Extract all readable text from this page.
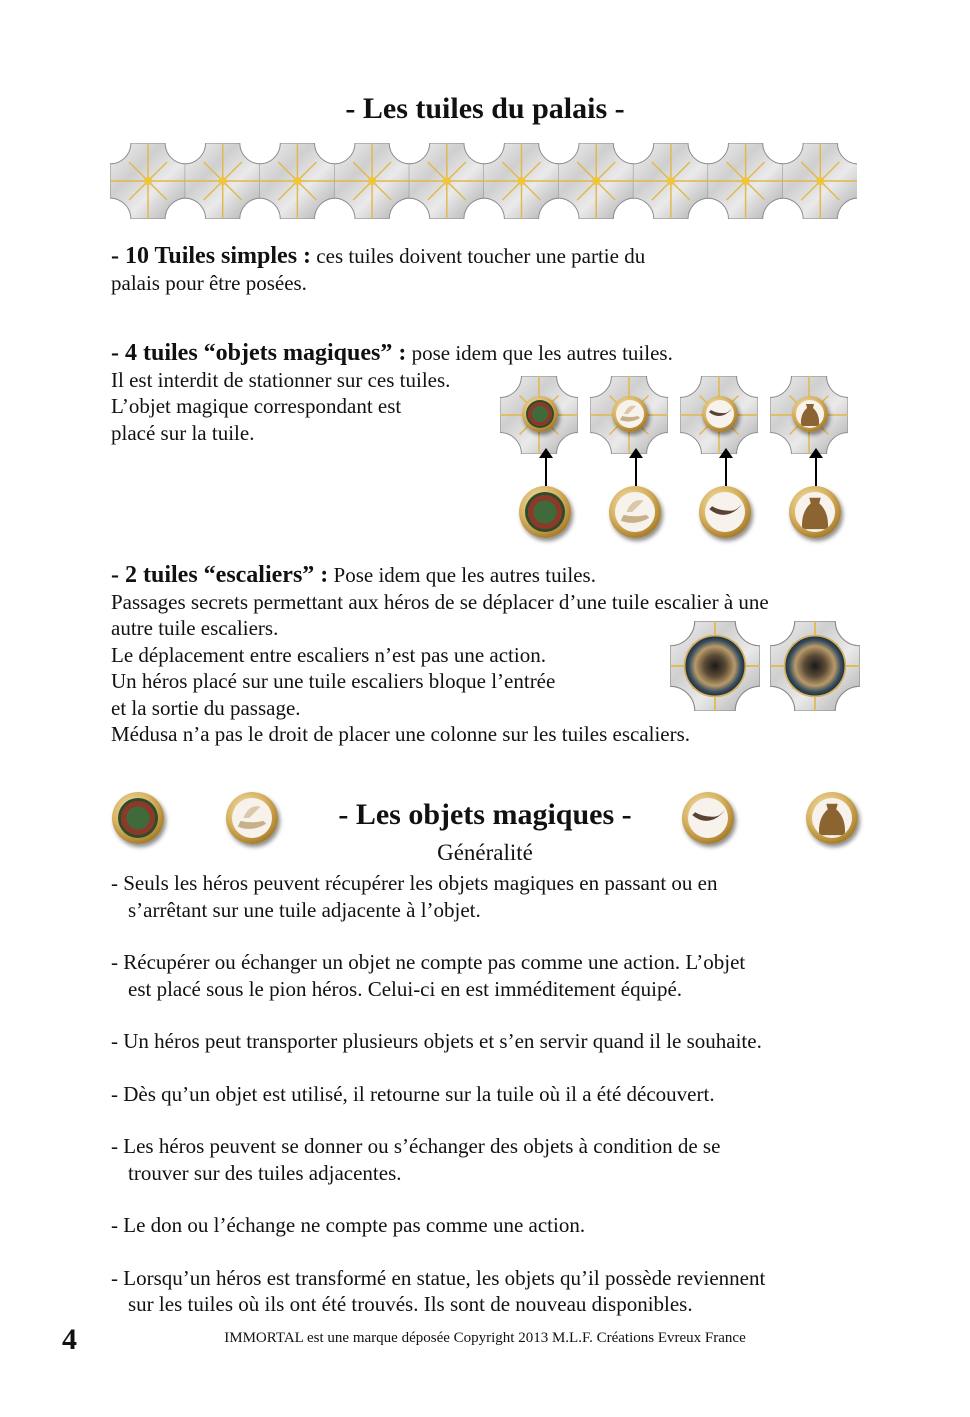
- Les tuiles du palais -
- 10 Tuiles simples : ces tuiles doivent toucher une partie du
palais pour être posées.
- 4 tuiles “objets magiques” : pose idem que les autres tuiles.
Il est interdit de stationner sur ces tuiles.
L’objet magique correspondant est
placé sur la tuile.
- 2 tuiles “escaliers” : Pose idem que les autres tuiles.
Passages secrets permettant aux héros de se déplacer d’une tuile escalier à une
autre tuile escaliers.
Le déplacement entre escaliers n’est pas une action.
Un héros placé sur une tuile escaliers bloque l’entrée
et la sortie du passage.
Médusa n’a pas le droit de placer une colonne sur les tuiles escaliers.
- Les objets magiques -
Généralité
- Seuls les héros peuvent récupérer les objets magiques en passant ou en
s’arrêtant sur une tuile adjacente à l’objet.
- Récupérer ou échanger un objet ne compte pas comme une action. L’objet
est placé sous le pion héros. Celui-ci en est imméditement équipé.
- Un héros peut transporter plusieurs objets et s’en servir quand il le souhaite.
- Dès qu’un objet est utilisé, il retourne sur la tuile où il a été découvert.
- Les héros peuvent se donner ou s’échanger des objets à condition de se
trouver sur des tuiles adjacentes.
- Le don ou l’échange ne compte pas comme une action.
- Lorsqu’un héros est transformé en statue, les objets qu’il possède reviennent
sur les tuiles où ils ont été trouvés. Ils sont de nouveau disponibles.
4	IMMORTAL est une marque déposée Copyright 2013 M.L.F. Créations Evreux France
